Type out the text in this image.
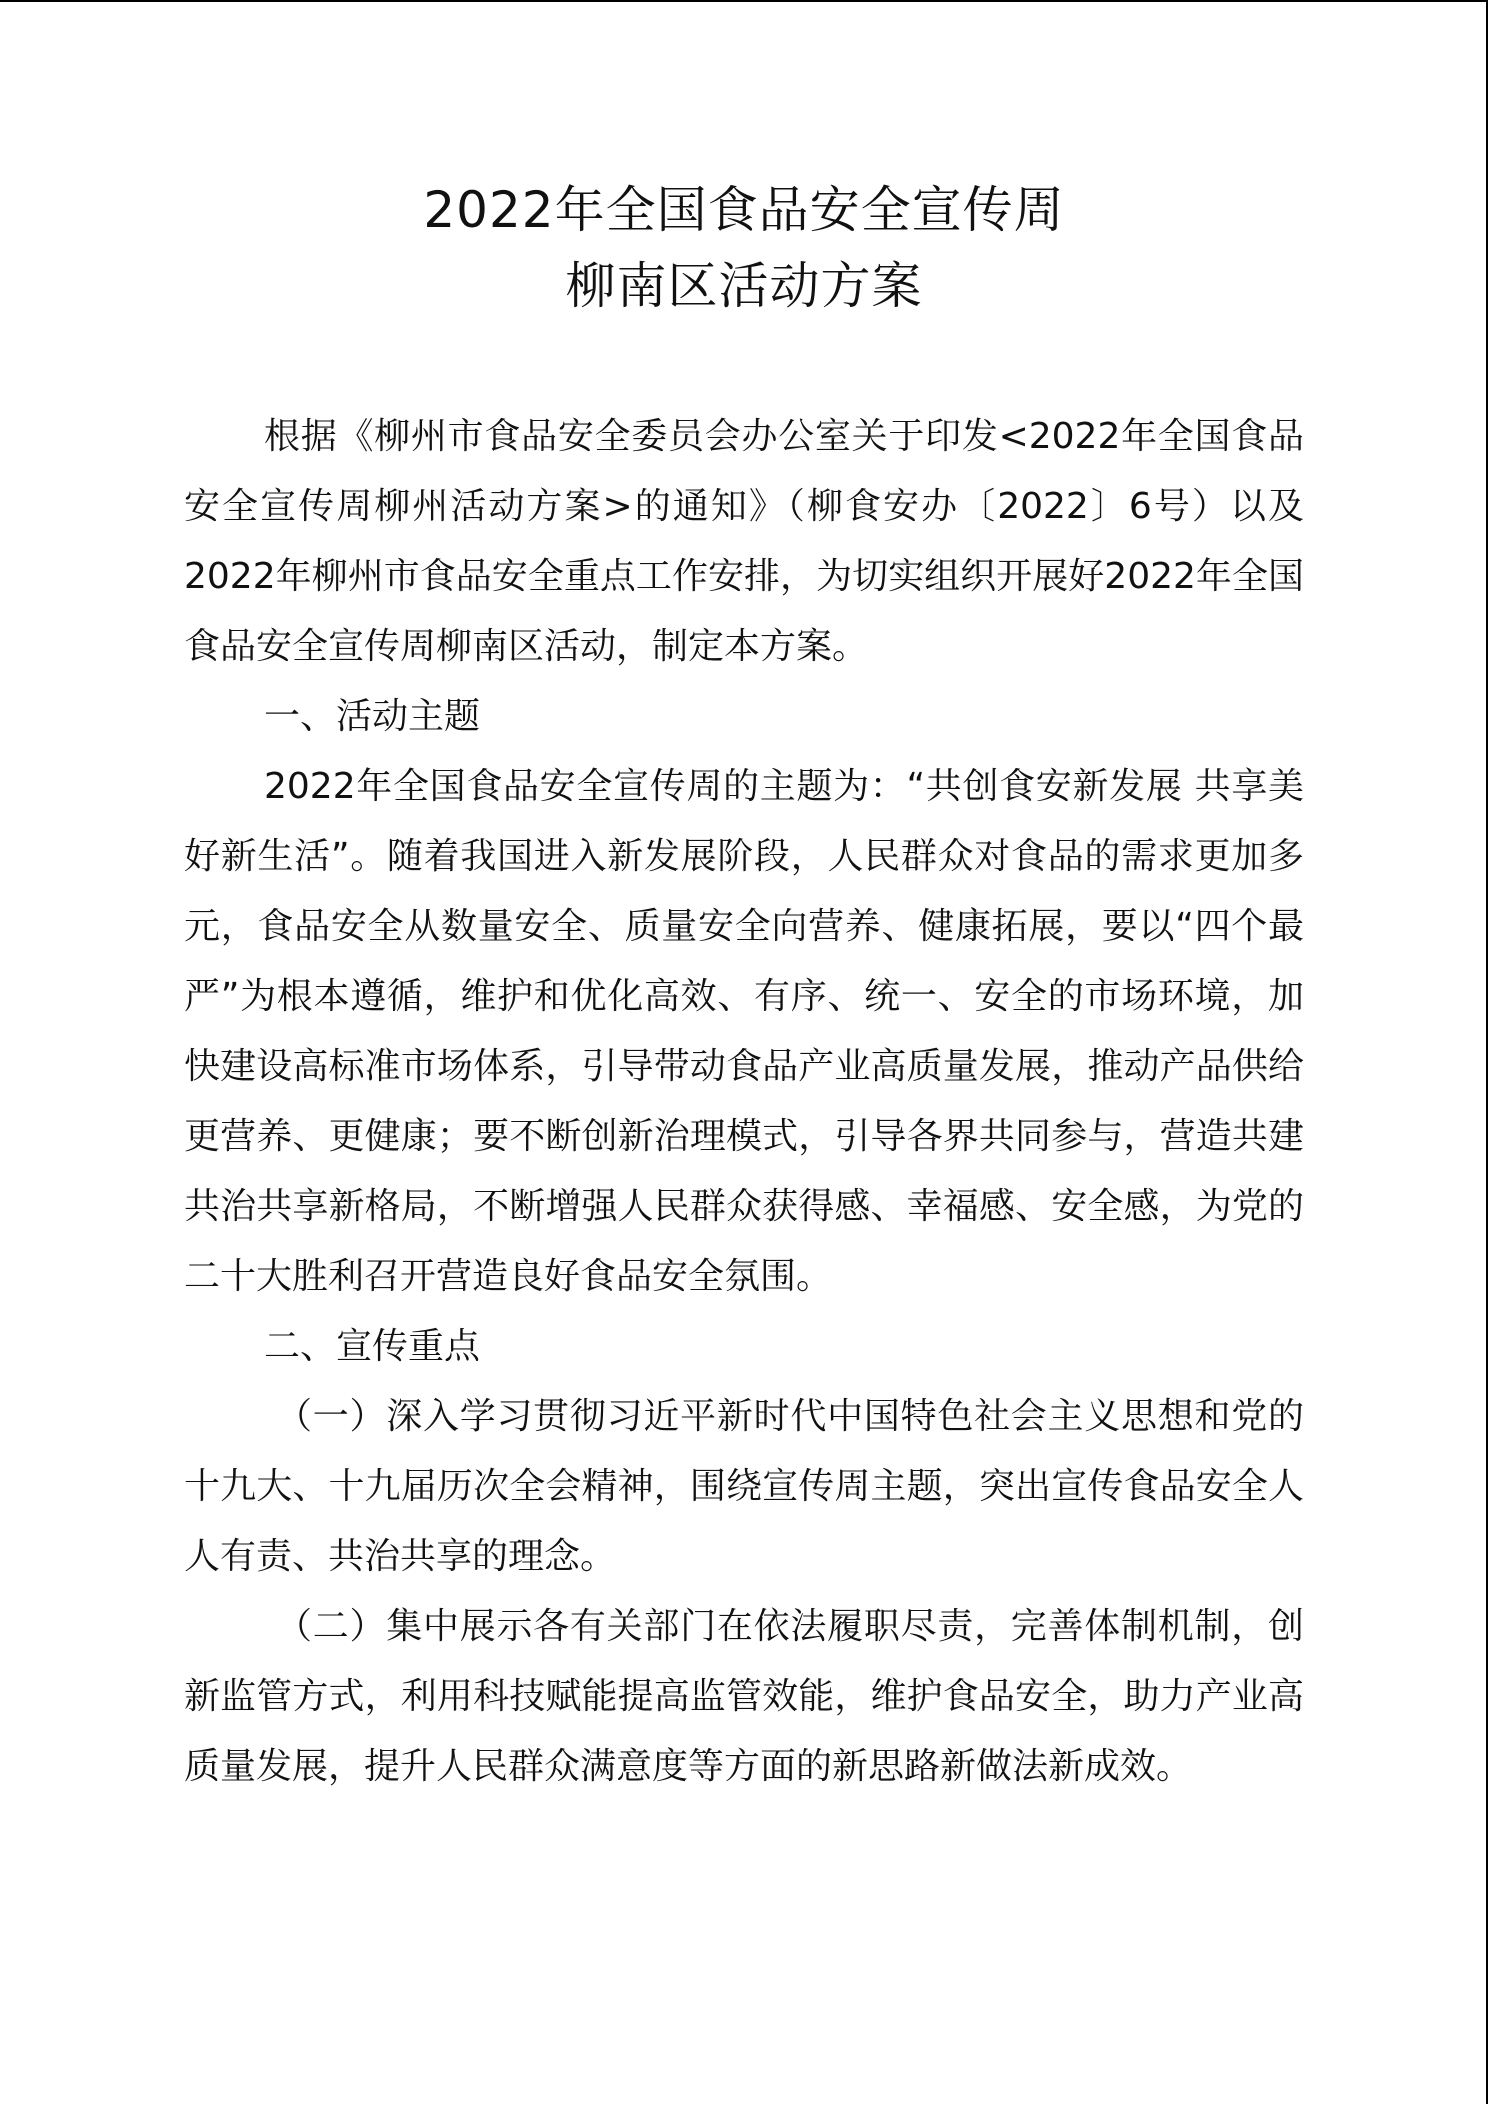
2022年全国食品安全宣传周
柳南区活动方案

根据《柳州市食品安全委员会办公室关于印发<2022年全国食品安全宣传周柳州活动方案>的通知》（柳食安办〔2022〕6号）以及2022年柳州市食品安全重点工作安排，为切实组织开展好2022年全国食品安全宣传周柳南区活动，制定本方案。

一、活动主题

2022年全国食品安全宣传周的主题为：“共创食安新发展 共享美好新生活”。随着我国进入新发展阶段，人民群众对食品的需求更加多元，食品安全从数量安全、质量安全向营养、健康拓展，要以“四个最严”为根本遵循，维护和优化高效、有序、统一、安全的市场环境，加快建设高标准市场体系，引导带动食品产业高质量发展，推动产品供给更营养、更健康；要不断创新治理模式，引导各界共同参与，营造共建共治共享新格局，不断增强人民群众获得感、幸福感、安全感，为党的二十大胜利召开营造良好食品安全氛围。

二、宣传重点

（一）深入学习贯彻习近平新时代中国特色社会主义思想和党的十九大、十九届历次全会精神，围绕宣传周主题，突出宣传食品安全人人有责、共治共享的理念。

（二）集中展示各有关部门在依法履职尽责，完善体制机制，创新监管方式，利用科技赋能提高监管效能，维护食品安全，助力产业高质量发展，提升人民群众满意度等方面的新思路新做法新成效。
